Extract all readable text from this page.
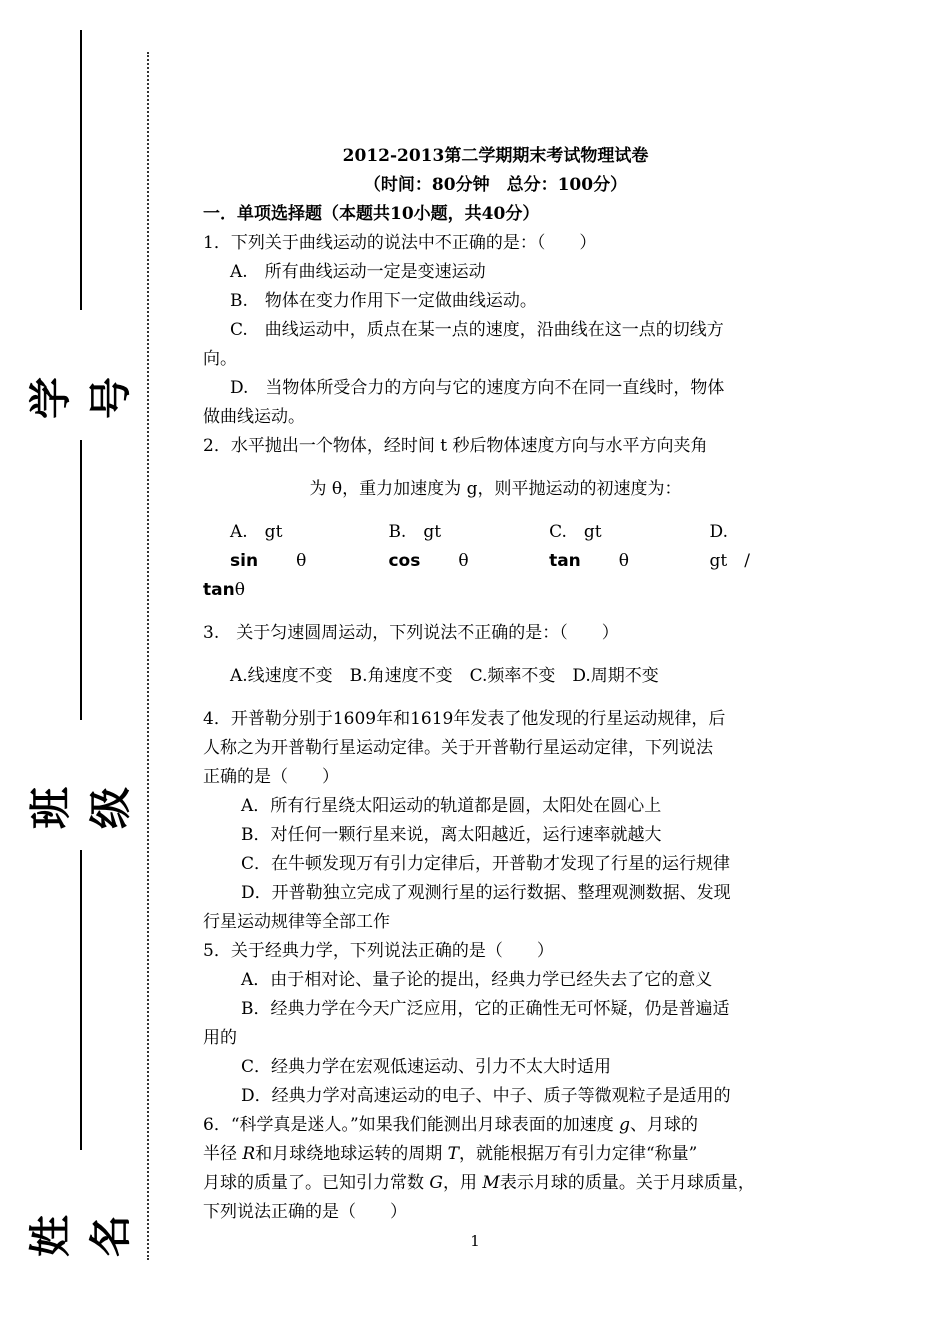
学号
班级
姓名
2012-2013第二学期期末考试物理试卷
（时间：80分钟　总分：100分）
一．单项选择题（本题共10小题，共40分）

1．下列关于曲线运动的说法中不正确的是：（　　）

A.　所有曲线运动一定是变速运动

B.　物体在变力作用下一定做曲线运动。

C.　曲线运动中，质点在某一点的速度，沿曲线在这一点的切线方

向。

D.　当物体所受合力的方向与它的速度方向不在同一直线时，物体

做曲线运动。

2．水平抛出一个物体，经时间 t 秒后物体速度方向与水平方向夹角

为 θ，重力加速度为 g，则平抛运动的初速度为：

A.　gt　sin θ
B.　gt　cos θ
C.　gt　tan θ
D.　gt　/

tanθ

3.　关于匀速圆周运动，下列说法不正确的是：（　　）

A.线速度不变　B.角速度不变　C.频率不变　D.周期不变

4．开普勒分别于1609年和1619年发表了他发现的行星运动规律，后

人称之为开普勒行星运动定律。关于开普勒行星运动定律，下列说法

正确的是（　　）

A．所有行星绕太阳运动的轨道都是圆，太阳处在圆心上

B．对任何一颗行星来说，离太阳越近，运行速率就越大

C．在牛顿发现万有引力定律后，开普勒才发现了行星的运行规律

D．开普勒独立完成了观测行星的运行数据、整理观测数据、发现

行星运动规律等全部工作

5．关于经典力学，下列说法正确的是（　　）

A．由于相对论、量子论的提出，经典力学已经失去了它的意义

B．经典力学在今天广泛应用，它的正确性无可怀疑，仍是普遍适

用的

C．经典力学在宏观低速运动、引力不太大时适用

D．经典力学对高速运动的电子、中子、质子等微观粒子是适用的

6．“科学真是迷人。”如果我们能测出月球表面的加速度 g、月球的

半径 R和月球绕地球运转的周期 T，就能根据万有引力定律“称量”

月球的质量了。已知引力常数 G，用 M表示月球的质量。关于月球质量，

下列说法正确的是（　　）

1
